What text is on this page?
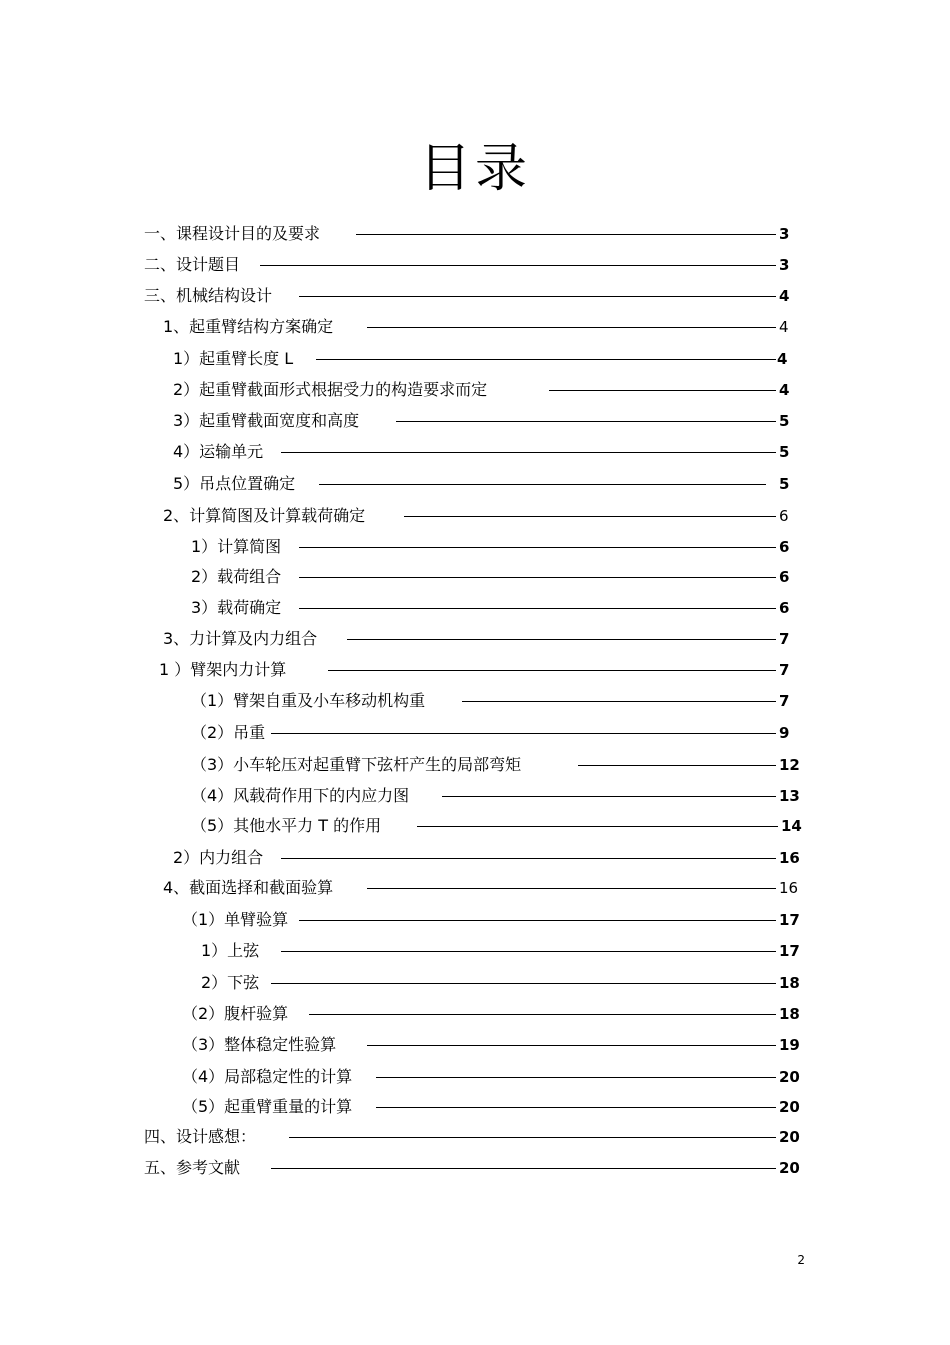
目录
一、课程设计目的及要求	3
二、设计题目	3
三、机械结构设计	4
1、起重臂结构方案确定	4
1）起重臂长度 L	4
2）起重臂截面形式根据受力的构造要求而定	4
3）起重臂截面宽度和高度	5
4）运输单元	5
5）吊点位置确定	5
2、计算简图及计算载荷确定	6
1）计算简图	6
2）载荷组合	6
3）载荷确定	6
3、力计算及内力组合	7
1 ）臂架内力计算	7
（1）臂架自重及小车移动机构重	7
（2）吊重	9
（3）小车轮压对起重臂下弦杆产生的局部弯矩	12
（4）风载荷作用下的内应力图	13
（5）其他水平力 T 的作用	14
2）内力组合	16
4、截面选择和截面验算	16
（1）单臂验算	17
1）上弦	17
2）下弦	18
（2）腹杆验算	18
（3）整体稳定性验算	19
（4）局部稳定性的计算	20
（5）起重臂重量的计算	20
四、设计感想：	20
五、参考文献	20
2
